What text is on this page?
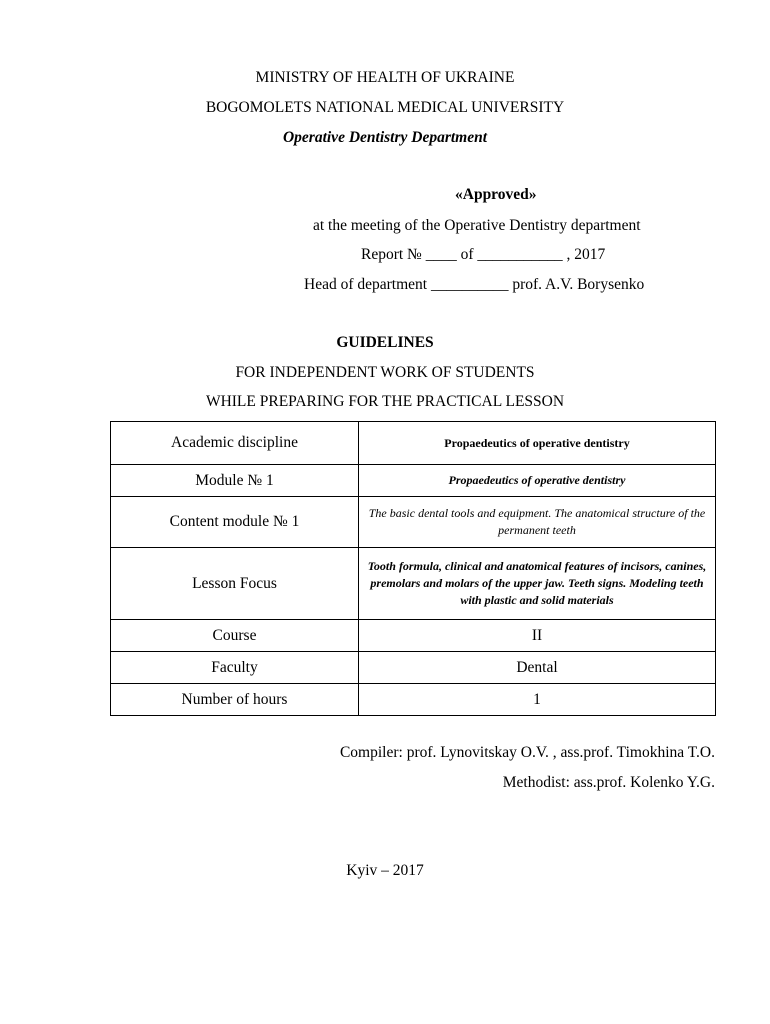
MINISTRY OF HEALTH OF UKRAINE
BOGOMOLETS NATIONAL MEDICAL UNIVERSITY
Operative Dentistry Department
«Approved»
at the meeting of the Operative Dentistry department
Report № ____ of ___________ , 2017
Head of department __________ prof. A.V. Borysenko
GUIDELINES
FOR INDEPENDENT WORK OF STUDENTS
WHILE PREPARING FOR THE PRACTICAL LESSON
Academic discipline	Propaedeutics of operative dentistry
Module № 1	Propaedeutics of operative dentistry
Content module № 1	The basic dental tools and equipment. The anatomical structure of the permanent teeth
Lesson Focus	Tooth formula, clinical and anatomical features of incisors, canines, premolars and molars of the upper jaw. Teeth signs. Modeling teeth with plastic and solid materials
Course	II
Faculty	Dental
Number of hours	1
Compiler: prof. Lynovitskay O.V. , ass.prof. Timokhina T.O.
Methodist: ass.prof. Kolenko Y.G.
Kyiv – 2017
